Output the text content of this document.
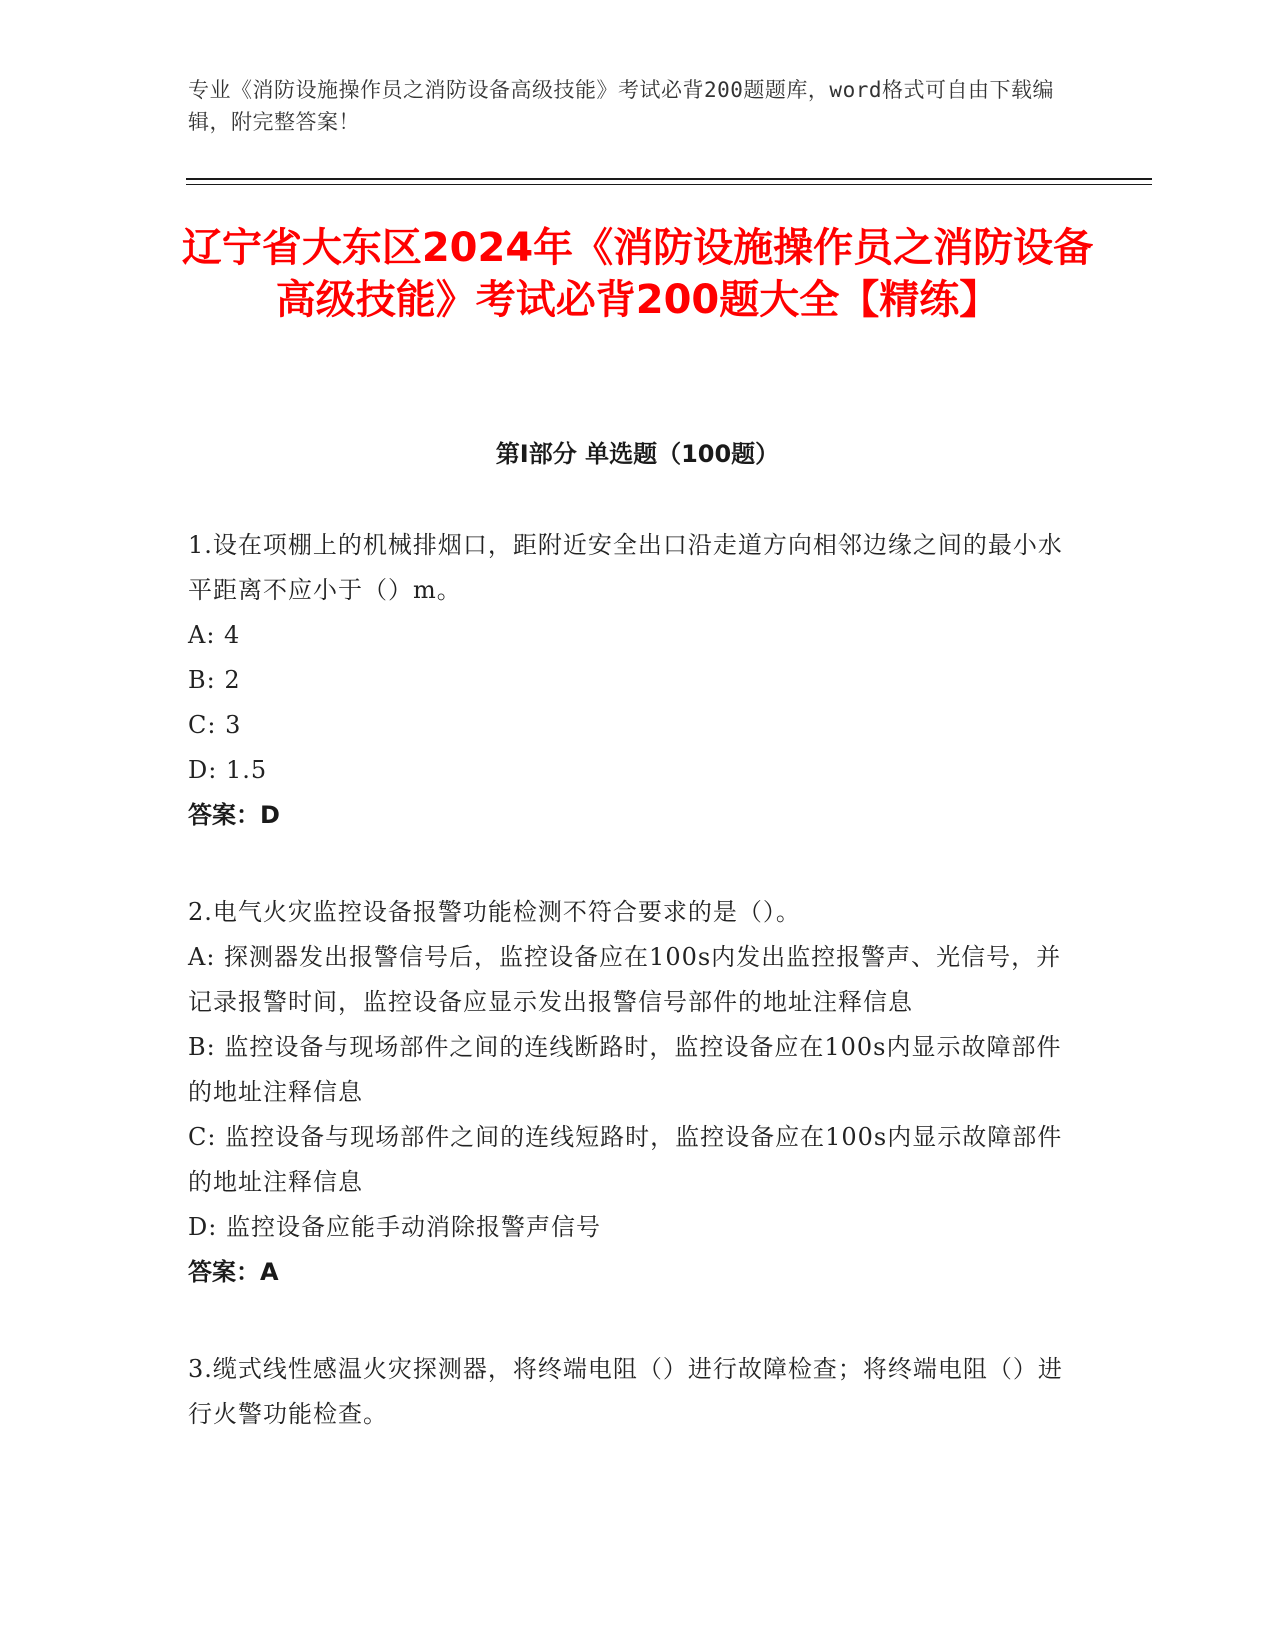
专业《消防设施操作员之消防设备高级技能》考试必背200题题库，word格式可自由下载编辑，附完整答案！
辽宁省大东区2024年《消防设施操作员之消防设备高级技能》考试必背200题大全【精练】
第I部分 单选题（100题）

1.设在项棚上的机械排烟口，距附近安全出口沿走道方向相邻边缘之间的最小水平距离不应小于（）m。

A: 4

B: 2

C: 3

D: 1.5

答案：D

2.电气火灾监控设备报警功能检测不符合要求的是（）。

A: 探测器发出报警信号后，监控设备应在100s内发出监控报警声、光信号，并记录报警时间，监控设备应显示发出报警信号部件的地址注释信息

B: 监控设备与现场部件之间的连线断路时，监控设备应在100s内显示故障部件的地址注释信息

C: 监控设备与现场部件之间的连线短路时，监控设备应在100s内显示故障部件的地址注释信息

D: 监控设备应能手动消除报警声信号

答案：A

3.缆式线性感温火灾探测器，将终端电阻（）进行故障检查；将终端电阻（）进行火警功能检查。
